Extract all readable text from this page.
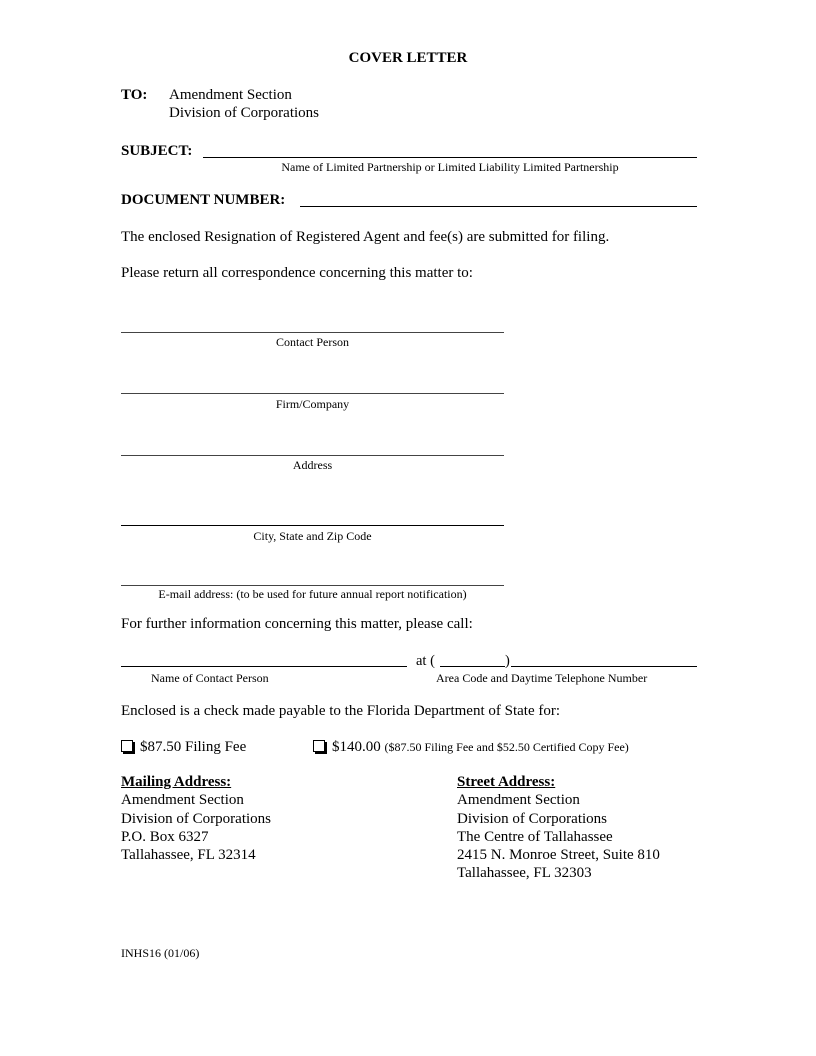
COVER LETTER
TO: Amendment Section
Division of Corporations
SUBJECT:
Name of Limited Partnership or Limited Liability Limited Partnership
DOCUMENT NUMBER:
The enclosed Resignation of Registered Agent and fee(s) are submitted for filing.
Please return all correspondence concerning this matter to:
Contact Person
Firm/Company
Address
City, State and Zip Code
E-mail address: (to be used for future annual report notification)
For further information concerning this matter, please call:
at (	)
Name of Contact Person	Area Code and Daytime Telephone Number
Enclosed is a check made payable to the Florida Department of State for:
$87.50 Filing Fee	$140.00 ($87.50 Filing Fee and $52.50 Certified Copy Fee)
Mailing Address:
Amendment Section
Division of Corporations
P.O. Box 6327
Tallahassee, FL 32314
Street Address:
Amendment Section
Division of Corporations
The Centre of Tallahassee
2415 N. Monroe Street, Suite 810
Tallahassee, FL 32303
INHS16 (01/06)
